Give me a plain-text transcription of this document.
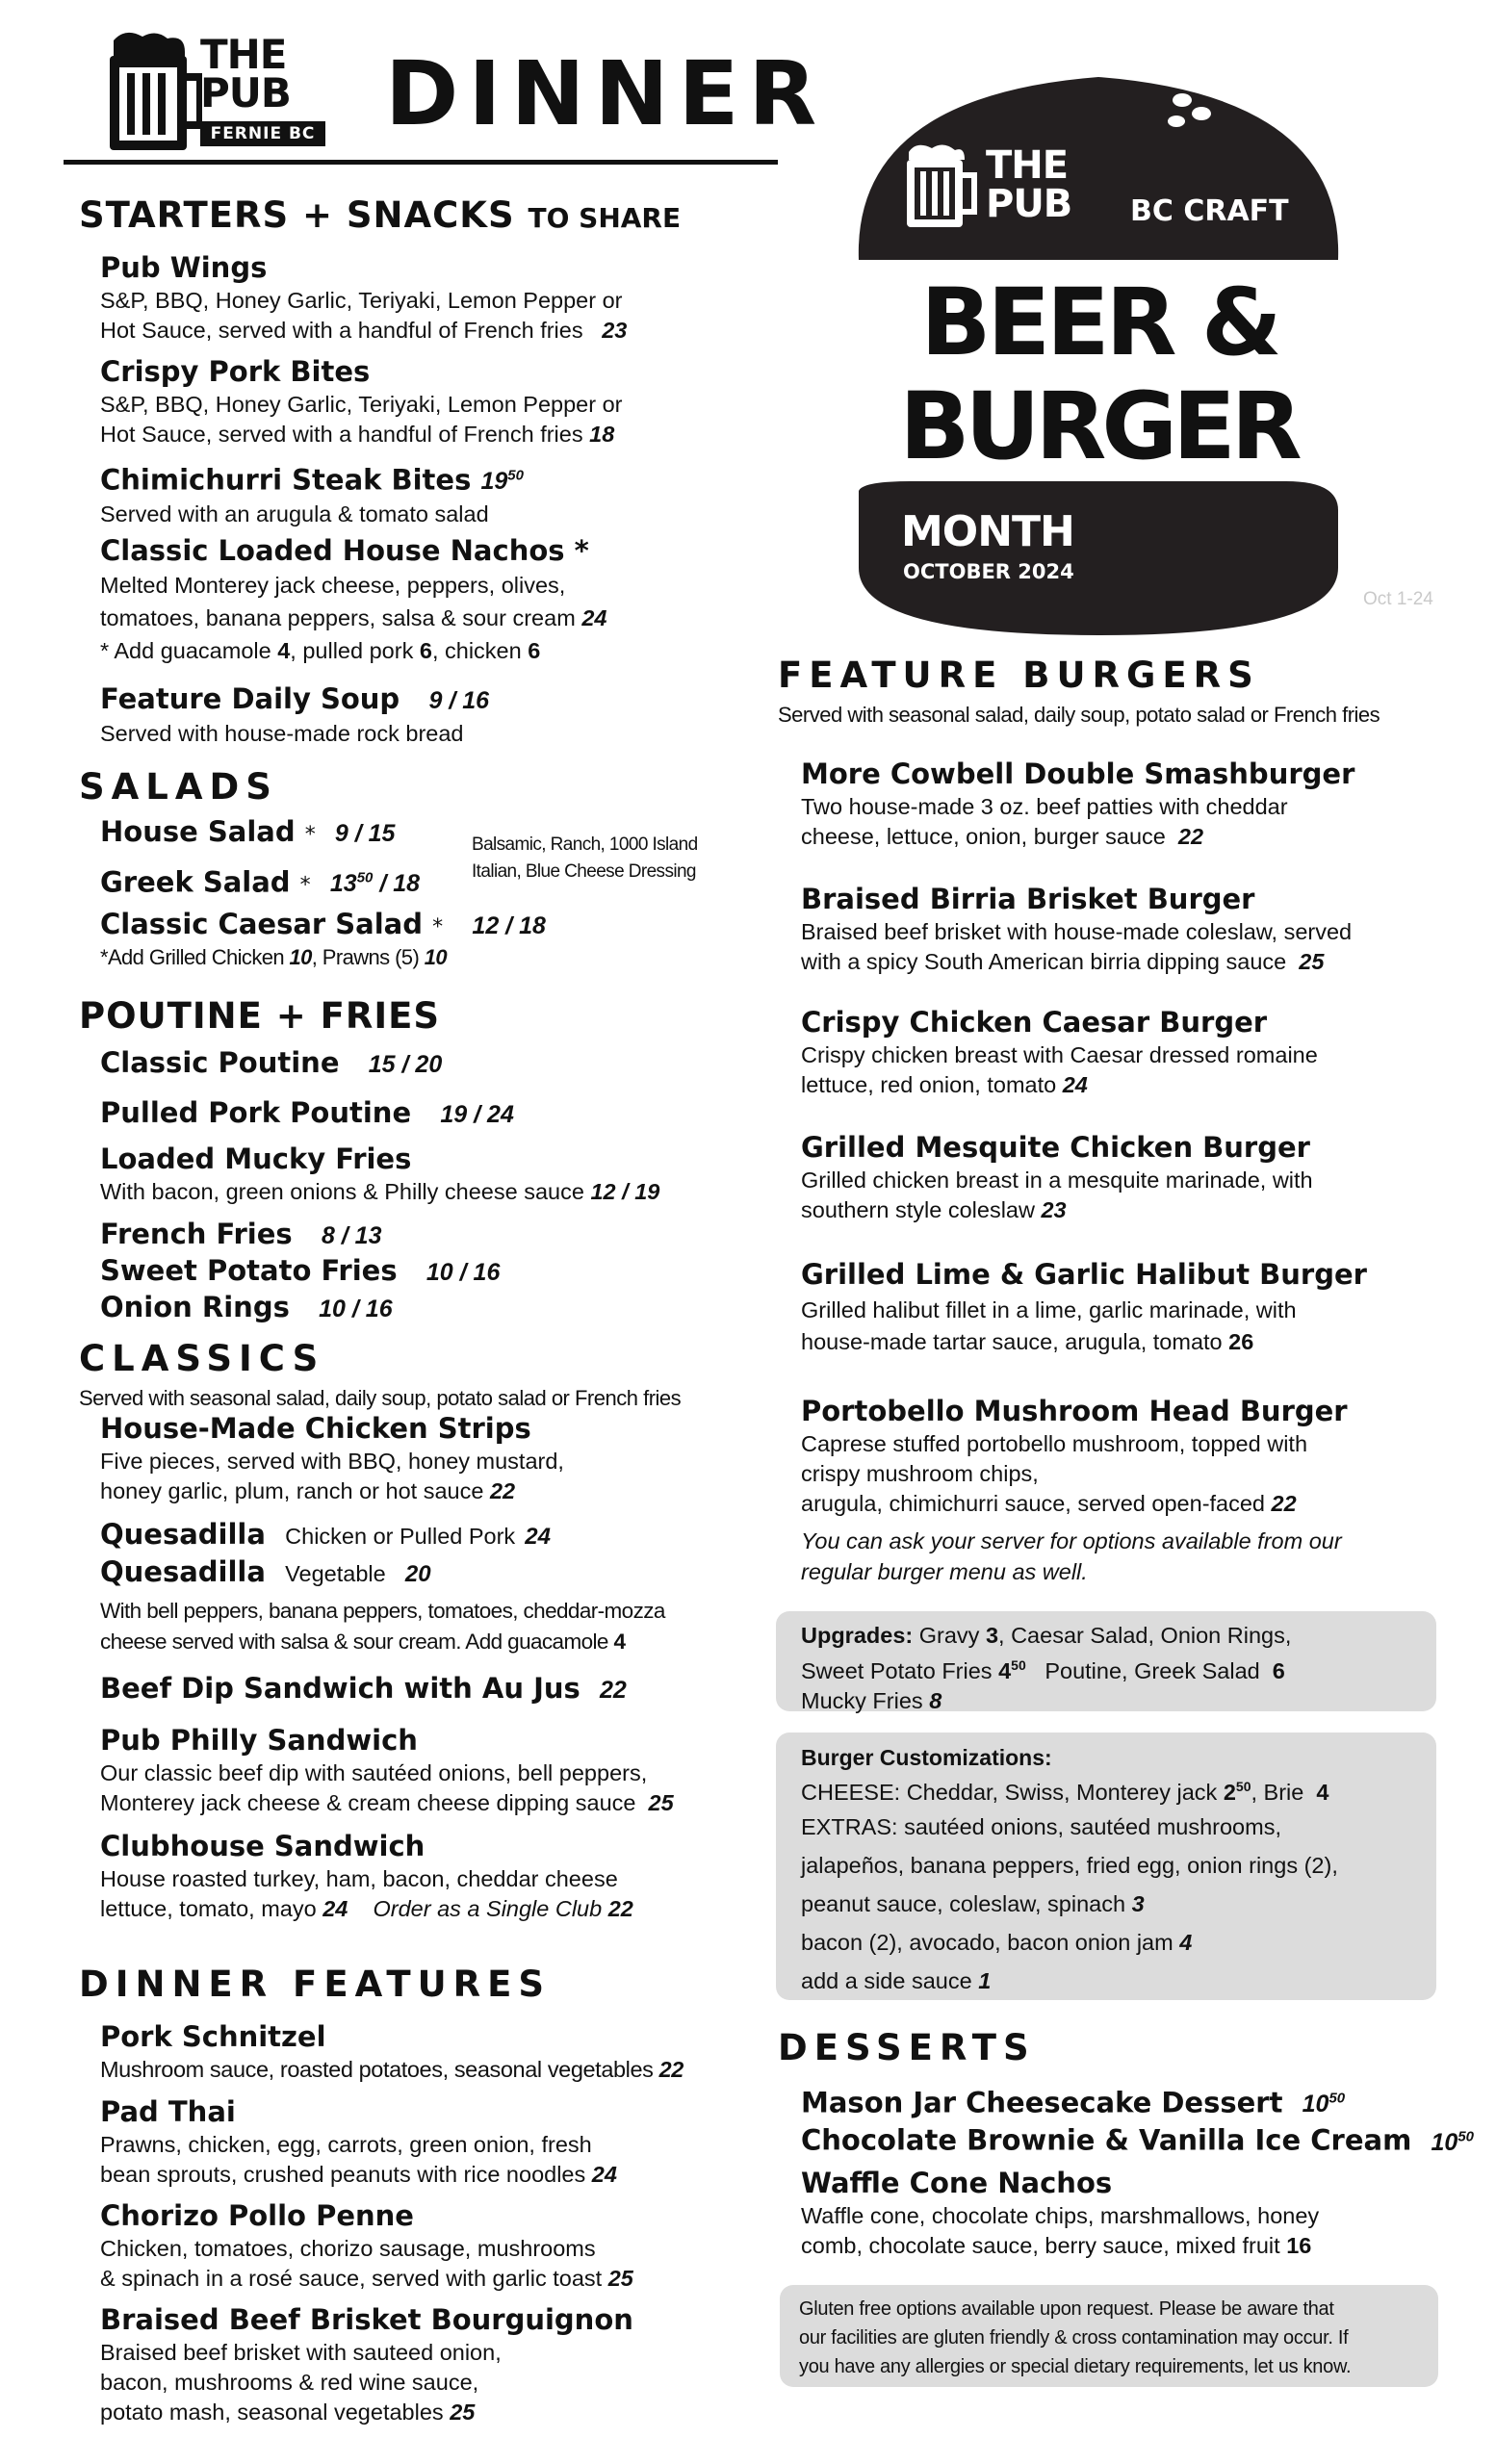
THE
PUB
FERNIE BC DINNER
THE
PUB BC CRAFT
BEER &
BURGER
MONTH
OCTOBER 2024
Oct 1-24
STARTERS + SNACKS TO SHARE
Pub Wings
S&P, BBQ, Honey Garlic, Teriyaki, Lemon Pepper or
Hot Sauce, served with a handful of French fries 23
Crispy Pork Bites
S&P, BBQ, Honey Garlic, Teriyaki, Lemon Pepper or
Hot Sauce, served with a handful of French fries 18
Chimichurri Steak Bites $19^{50}$
Served with an arugula & tomato salad
Classic Loaded House Nachos *
Melted Monterey jack cheese, peppers, olives,
tomatoes, banana peppers, salsa & sour cream 24
* Add guacamole 4, pulled pork 6, chicken 6
Feature Daily Soup 9 / 16
Served with house-made rock bread
SALADS
House Salad * 9 / 15
Greek Salad * $13^{50} / 18$
Classic Caesar Salad * 12 / 18
*Add Grilled Chicken 10, Prawns (5) 10
Balsamic, Ranch, 1000 Island
Italian, Blue Cheese Dressing
POUTINE + FRIES
Classic Poutine 15 / 20
Pulled Pork Poutine 19 / 24
Loaded Mucky Fries
With bacon, green onions & Philly cheese sauce 12 / 19
French Fries 8 / 13
Sweet Potato Fries 10 / 16
Onion Rings 10 / 16
CLASSICS
Served with seasonal salad, daily soup, potato salad or French fries
House-Made Chicken Strips
Five pieces, served with BBQ, honey mustard,
honey garlic, plum, ranch or hot sauce 22
Quesadilla Chicken or Pulled Pork 24
Quesadilla Vegetable 20
With bell peppers, banana peppers, tomatoes, cheddar-mozza
cheese served with salsa & sour cream. Add guacamole 4
Beef Dip Sandwich with Au Jus 22
Pub Philly Sandwich
Our classic beef dip with sautéed onions, bell peppers,
Monterey jack cheese & cream cheese dipping sauce 25
Clubhouse Sandwich
House roasted turkey, ham, bacon, cheddar cheese
lettuce, tomato, mayo 24 Order as a Single Club 22
DINNER FEATURES
Pork Schnitzel
Mushroom sauce, roasted potatoes, seasonal vegetables 22
Pad Thai
Prawns, chicken, egg, carrots, green onion, fresh
bean sprouts, crushed peanuts with rice noodles 24
Chorizo Pollo Penne
Chicken, tomatoes, chorizo sausage, mushrooms
& spinach in a rosé sauce, served with garlic toast 25
Braised Beef Brisket Bourguignon
Braised beef brisket with sauteed onion,
bacon, mushrooms & red wine sauce,
potato mash, seasonal vegetables 25
FEATURE BURGERS
Served with seasonal salad, daily soup, potato salad or French fries
More Cowbell Double Smashburger
Two house-made 3 oz. beef patties with cheddar
cheese, lettuce, onion, burger sauce 22
Braised Birria Brisket Burger
Braised beef brisket with house-made coleslaw, served
with a spicy South American birria dipping sauce 25
Crispy Chicken Caesar Burger
Crispy chicken breast with Caesar dressed romaine
lettuce, red onion, tomato 24
Grilled Mesquite Chicken Burger
Grilled chicken breast in a mesquite marinade, with
southern style coleslaw 23
Grilled Lime & Garlic Halibut Burger
Grilled halibut fillet in a lime, garlic marinade, with
house-made tartar sauce, arugula, tomato 26
Portobello Mushroom Head Burger
Caprese stuffed portobello mushroom, topped with
crispy mushroom chips,
arugula, chimichurri sauce, served open-faced 22
You can ask your server for options available from our
regular burger menu as well.
Upgrades: Gravy 3, Caesar Salad, Onion Rings,
Sweet Potato Fries $4^{50}$ Poutine, Greek Salad  6
Mucky Fries 8
Burger Customizations:
CHEESE: Cheddar, Swiss, Monterey jack $2^{50}$, Brie  4
EXTRAS: sautéed onions, sautéed mushrooms,
jalapeños, banana peppers, fried egg, onion rings (2),
peanut sauce, coleslaw, spinach 3
bacon (2), avocado, bacon onion jam 4
add a side sauce 1
DESSERTS
Mason Jar Cheesecake Dessert $10^{50}$
Chocolate Brownie & Vanilla Ice Cream $10^{50}$
Waffle Cone Nachos
Waffle cone, chocolate chips, marshmallows, honey
comb, chocolate sauce, berry sauce, mixed fruit 16
Gluten free options available upon request. Please be aware that
our facilities are gluten friendly & cross contamination may occur. If
you have any allergies or special dietary requirements, let us know.
